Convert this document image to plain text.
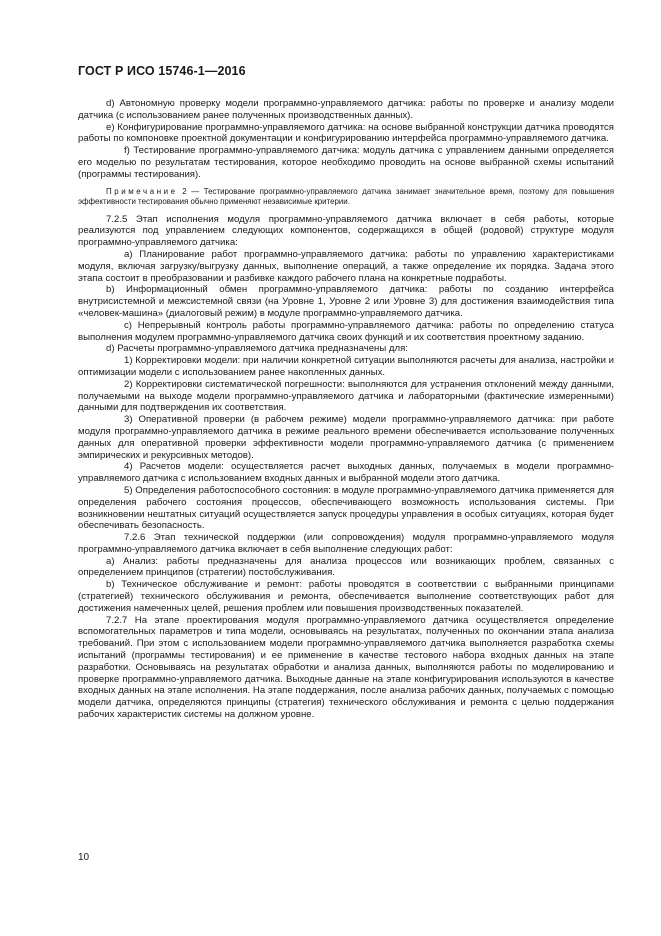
ГОСТ Р ИСО 15746-1—2016

d) Автономную проверку модели программно-управляемого датчика: работы по проверке и анализу модели датчика (с использованием ранее полученных производственных данных).

e) Конфигурирование программно-управляемого датчика: на основе выбранной конструкции датчика проводятся работы по компоновке проектной документации и конфигурированию интерфейса программно-управляемого датчика.

f) Тестирование программно-управляемого датчика: модуль датчика с управлением данными определяется его моделью по результатам тестирования, которое необходимо проводить на основе выбранной схемы испытаний (программы тестирования).

Примечание 2 — Тестирование программно-управляемого датчика занимает значительное время, поэтому для повышения эффективности тестирования обычно применяют независимые критерии.

7.2.5 Этап исполнения модуля программно-управляемого датчика включает в себя работы, которые реализуются под управлением следующих компонентов, содержащихся в общей (родовой) структуре модуля программно-управляемого датчика:

a) Планирование работ программно-управляемого датчика: работы по управлению характеристиками модуля, включая загрузку/выгрузку данных, выполнение операций, а также определение их порядка. Задача этого этапа состоит в преобразовании и разбивке каждого рабочего плана на конкретные подработы.

b) Информационный обмен программно-управляемого датчика: работы по созданию интерфейса внутрисистемной и межсистемной связи (на Уровне 1, Уровне 2 или Уровне 3) для достижения взаимодействия типа «человек-машина» (диалоговый режим) в модуле программно-управляемого датчика.

c) Непрерывный контроль работы программно-управляемого датчика: работы по определению статуса выполнения модулем программно-управляемого датчика своих функций и их соответствия проектному заданию.

d) Расчеты программно-управляемого датчика предназначены для:

1) Корректировки модели: при наличии конкретной ситуации выполняются расчеты для анализа, настройки и оптимизации модели с использованием ранее накопленных данных.

2) Корректировки систематической погрешности: выполняются для устранения отклонений между данными, получаемыми на выходе модели программно-управляемого датчика и лабораторными (фактические измеренными) данными для подтверждения их соответствия.

3) Оперативной проверки (в рабочем режиме) модели программно-управляемого датчика: при работе модуля программно-управляемого датчика в режиме реального времени обеспечивается использование полученных данных для оперативной проверки эффективности модели программно-управляемого датчика (с применением эмпирических и рекурсивных методов).

4) Расчетов модели: осуществляется расчет выходных данных, получаемых в модели программно-управляемого датчика с использованием входных данных и выбранной модели этого датчика.

5) Определения работоспособного состояния: в модуле программно-управляемого датчика применяется для определения рабочего состояния процессов, обеспечивающего возможность использования системы. При возникновении нештатных ситуаций осуществляется запуск процедуры управления в особых ситуациях, которая будет обеспечивать безопасность.

7.2.6 Этап технической поддержки (или сопровождения) модуля программно-управляемого модуля программно-управляемого датчика включает в себя выполнение следующих работ:

a) Анализ: работы предназначены для анализа процессов или возникающих проблем, связанных с определением принципов (стратегии) постобслуживания.

b) Техническое обслуживание и ремонт: работы проводятся в соответствии с выбранными принципами (стратегией) технического обслуживания и ремонта, обеспечивается выполнение соответствующих работ для достижения намеченных целей, решения проблем или повышения производственных показателей.

7.2.7 На этапе проектирования модуля программно-управляемого датчика осуществляется определение вспомогательных параметров и типа модели, основываясь на результатах, полученных по окончании этапа анализа требований. При этом с использованием модели программно-управляемого датчика выполняется разработка схемы испытаний (программы тестирования) и ее применение в качестве тестового набора входных данных на этапе разработки. Основываясь на результатах обработки и анализа данных, выполняются работы по моделированию и проверке программно-управляемого датчика. Выходные данные на этапе конфигурирования используются в качестве входных данных на этапе исполнения. На этапе поддержания, после анализа рабочих данных, получаемых с помощью модели датчика, определяются принципы (стратегия) технического обслуживания и ремонта с целью поддержания рабочих характеристик системы на должном уровне.

10
